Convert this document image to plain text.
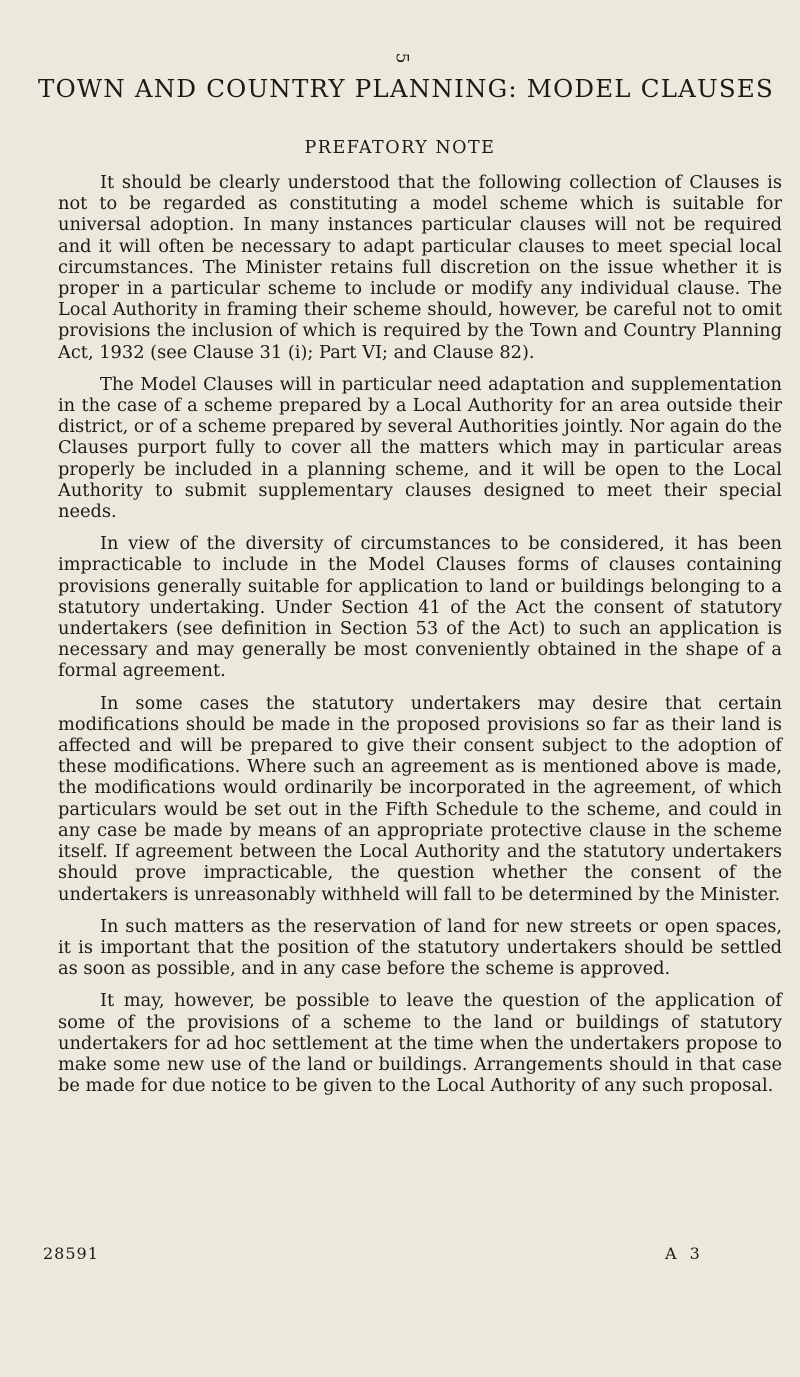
5
TOWN AND COUNTRY PLANNING: MODEL CLAUSES
PREFATORY NOTE

It should be clearly understood that the following collection of Clauses is not to be regarded as constituting a model scheme which is suitable for universal adoption. In many instances particular clauses will not be required and it will often be necessary to adapt particular clauses to meet special local circumstances. The Minister retains full discretion on the issue whether it is proper in a particular scheme to include or modify any individual clause. The Local Authority in framing their scheme should, however, be careful not to omit provisions the inclusion of which is required by the Town and Country Planning Act, 1932 (see Clause 31 (i); Part VI; and Clause 82).

The Model Clauses will in particular need adaptation and supplementation in the case of a scheme prepared by a Local Authority for an area outside their district, or of a scheme prepared by several Authorities jointly. Nor again do the Clauses purport fully to cover all the matters which may in particular areas properly be included in a planning scheme, and it will be open to the Local Authority to submit supplementary clauses designed to meet their special needs.

In view of the diversity of circumstances to be considered, it has been impracticable to include in the Model Clauses forms of clauses containing provisions generally suitable for application to land or buildings belonging to a statutory undertaking. Under Section 41 of the Act the consent of statutory undertakers (see definition in Section 53 of the Act) to such an application is necessary and may generally be most conveniently obtained in the shape of a formal agreement.

In some cases the statutory undertakers may desire that certain modifications should be made in the proposed provisions so far as their land is affected and will be prepared to give their consent subject to the adoption of these modifications. Where such an agreement as is mentioned above is made, the modifications would ordinarily be incorporated in the agreement, of which particulars would be set out in the Fifth Schedule to the scheme, and could in any case be made by means of an appropriate protective clause in the scheme itself. If agreement between the Local Authority and the statutory undertakers should prove impracticable, the question whether the consent of the undertakers is unreasonably withheld will fall to be determined by the Minister.

In such matters as the reservation of land for new streets or open spaces, it is important that the position of the statutory undertakers should be settled as soon as possible, and in any case before the scheme is approved.

It may, however, be possible to leave the question of the application of some of the provisions of a scheme to the land or buildings of statutory undertakers for ad hoc settlement at the time when the undertakers propose to make some new use of the land or buildings. Arrangements should in that case be made for due notice to be given to the Local Authority of any such proposal.

28591	A 3
